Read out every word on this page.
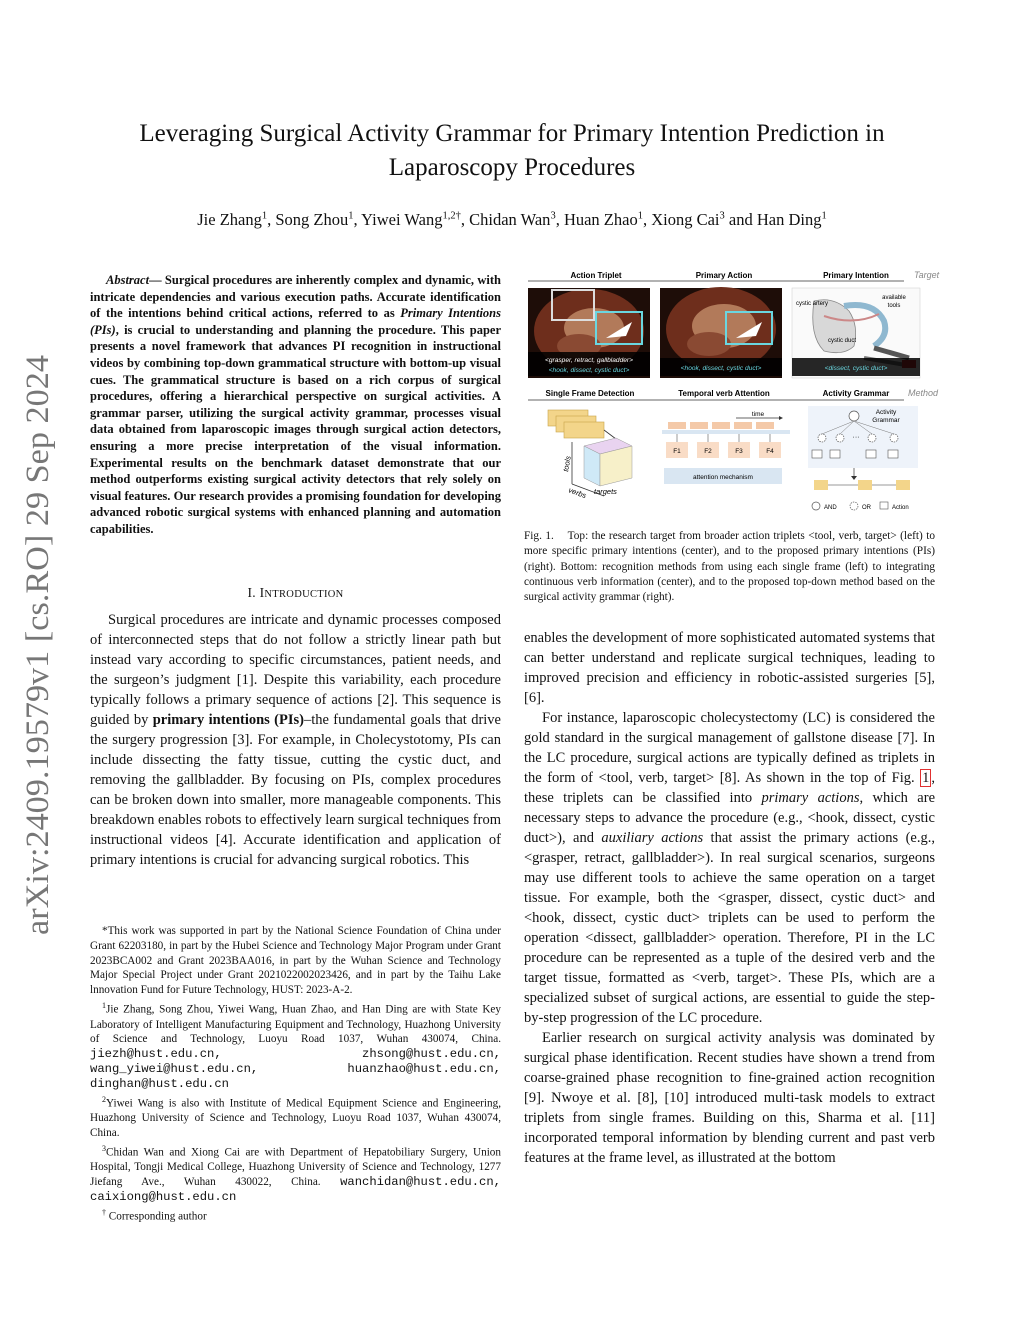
arXiv:2409.19579v1 [cs.RO] 29 Sep 2024
Leveraging Surgical Activity Grammar for Primary Intention Prediction in Laparoscopy Procedures
Jie Zhang$^1$, Song Zhou$^1$, Yiwei Wang$^{1,2\dagger}$, Chidan Wan$^3$, Huan Zhao$^1$, Xiong Cai$^3$ and Han Ding$^1$
Abstract— Surgical procedures are inherently complex and dynamic, with intricate dependencies and various execution paths. Accurate identification of the intentions behind critical actions, referred to as Primary Intentions (PIs), is crucial to understanding and planning the procedure. This paper presents a novel framework that advances PI recognition in instructional videos by combining top-down grammatical structure with bottom-up visual cues. The grammatical structure is based on a rich corpus of surgical procedures, offering a hierarchical perspective on surgical activities. A grammar parser, utilizing the surgical activity grammar, processes visual data obtained from laparoscopic images through surgical action detectors, ensuring a more precise interpretation of the visual information. Experimental results on the benchmark dataset demonstrate that our method outperforms existing surgical activity detectors that rely solely on visual features. Our research provides a promising foundation for developing advanced robotic surgical systems with enhanced planning and automation capabilities.
I. INTRODUCTION

Surgical procedures are intricate and dynamic processes composed of interconnected steps that do not follow a strictly linear path but instead vary according to specific circumstances, patient needs, and the surgeon’s judgment [1]. Despite this variability, each procedure typically follows a primary sequence of actions [2]. This sequence is guided by primary intentions (PIs)–the fundamental goals that drive the surgery progression [3]. For example, in Cholecystotomy, PIs can include dissecting the fatty tissue, cutting the cystic duct, and removing the gallbladder. By focusing on PIs, complex procedures can be broken down into smaller, more manageable components. This breakdown enables robots to effectively learn surgical techniques from instructional videos [4]. Accurate identification and application of primary intentions is crucial for advancing surgical robotics. This

*This work was supported in part by the National Science Foundation of China under Grant 62203180, in part by the Hubei Science and Technology Major Program under Grant 2023BCA002 and Grant 2023BAA016, in part by the Wuhan Science and Technology Major Special Project under Grant 2021022002023426, and in part by the Taihu Lake lnnovation Fund for Future Technology, HUST: 2023-A-2.

$^1$Jie Zhang, Song Zhou, Yiwei Wang, Huan Zhao, and Han Ding are with State Key Laboratory of Intelligent Manufacturing Equipment and Technology, Huazhong University of Science and Technology, Luoyu Road 1037, Wuhan 430074, China. jiezh@hust.edu.cn, zhsong@hust.edu.cn, wang_yiwei@hust.edu.cn, huanzhao@hust.edu.cn, dinghan@hust.edu.cn

$^2$Yiwei Wang is also with Institute of Medical Equipment Science and Engineering, Huazhong University of Science and Technology, Luoyu Road 1037, Wuhan 430074, China.

$^3$Chidan Wan and Xiong Cai are with Department of Hepatobiliary Surgery, Union Hospital, Tongji Medical College, Huazhong University of Science and Technology, 1277 Jiefang Ave., Wuhan 430022, China. wanchidan@hust.edu.cn, caixiong@hust.edu.cn

† Corresponding author

Action Triplet	Primary Action	Primary Intention	Target
<grasper, retract, gallbladder>
<hook, dissect, cystic duct>	<hook, dissect, cystic duct>
cystic artery
available
tools
cystic duct
<dissect, cystic duct>
Single Frame Detection	Temporal verb Attention	Activity Grammar Method
tools
verbs targets
time
F1	F2	F3	F4
attention mechanism
Activity
Grammar
···
AND	OR	Action
Fig. 1. Top: the research target from broader action triplets <tool, verb, target> (left) to more specific primary intentions (center), and to the proposed primary intentions (PIs) (right). Bottom: recognition methods from using each single frame (left) to integrating continuous verb information (center), and to the proposed top-down method based on the surgical activity grammar (right).

enables the development of more sophisticated automated systems that can better understand and replicate surgical techniques, leading to improved precision and efficiency in robotic-assisted surgeries [5], [6].

For instance, laparoscopic cholecystectomy (LC) is considered the gold standard in the surgical management of gallstone disease [7]. In the LC procedure, surgical actions are typically defined as triplets in the form of <tool, verb, target> [8]. As shown in the top of Fig. 1 , these triplets can be classified into primary actions, which are necessary steps to advance the procedure (e.g., <hook, dissect, cystic duct>), and auxiliary actions that assist the primary actions (e.g., <grasper, retract, gallbladder>). In real surgical scenarios, surgeons may use different tools to achieve the same operation on a target tissue. For example, both the <grasper, dissect, cystic duct> and <hook, dissect, cystic duct> triplets can be used to perform the operation <dissect, gallbladder> operation. Therefore, PI in the LC procedure can be represented as a tuple of the desired verb and the target tissue, formatted as <verb, target>. These PIs, which are a specialized subset of surgical actions, are essential to guide the step-by-step progression of the LC procedure.

Earlier research on surgical activity analysis was dominated by surgical phase identification. Recent studies have shown a trend from coarse-grained phase recognition to fine-grained action recognition [9]. Nwoye et al. [8], [10] introduced multi-task models to extract triplets from single frames. Building on this, Sharma et al. [11] incorporated temporal information by blending current and past verb features at the frame level, as illustrated at the bottom
